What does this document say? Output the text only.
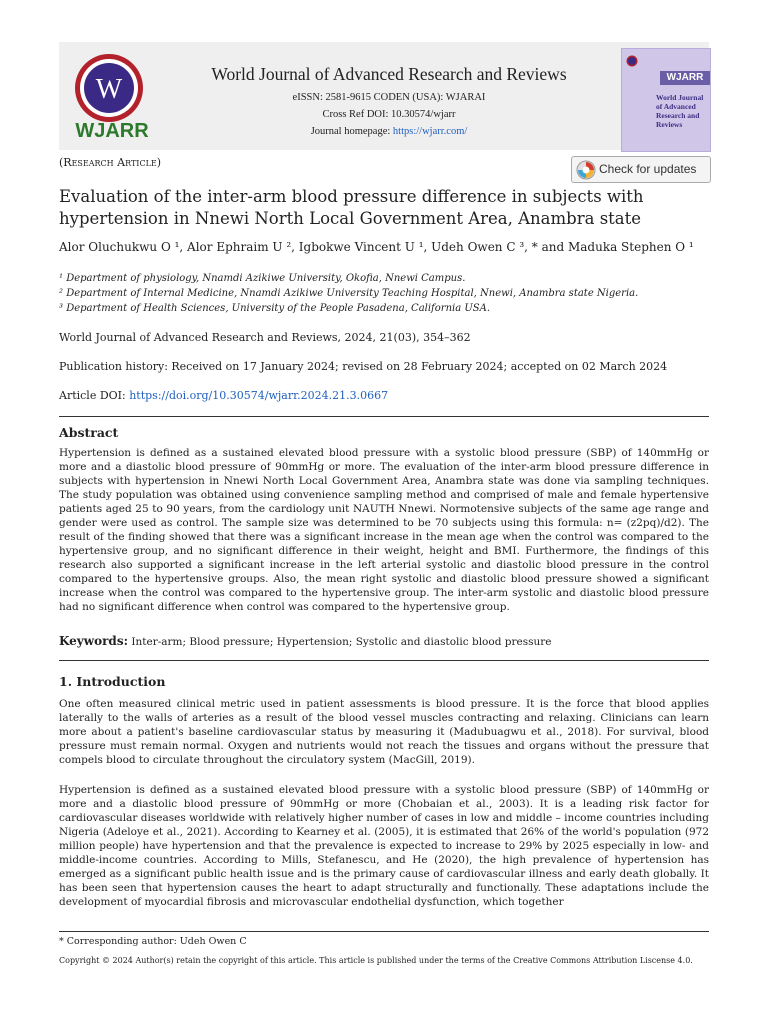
W
WJARR
World Journal of Advanced Research and Reviews
eISSN: 2581-9615 CODEN (USA): WJARAI
Cross Ref DOI: 10.30574/wjarr
Journal homepage: https://wjarr.com/
WJARR
World Journal of Advanced Research and Reviews
(Research Article)	Check for updates
Evaluation of the inter-arm blood pressure difference in subjects with hypertension in Nnewi North Local Government Area, Anambra state
Alor Oluchukwu O ¹, Alor Ephraim U ², Igbokwe Vincent U ¹, Udeh Owen C ³, * and Maduka Stephen O ¹
¹ Department of physiology, Nnamdi Azikiwe University, Okofia, Nnewi Campus.
² Department of Internal Medicine, Nnamdi Azikiwe University Teaching Hospital, Nnewi, Anambra state Nigeria.
³ Department of Health Sciences, University of the People Pasadena, California USA.
World Journal of Advanced Research and Reviews, 2024, 21(03), 354–362
Publication history: Received on 17 January 2024; revised on 28 February 2024; accepted on 02 March 2024
Article DOI: https://doi.org/10.30574/wjarr.2024.21.3.0667
Abstract

Hypertension is defined as a sustained elevated blood pressure with a systolic blood pressure (SBP) of 140mmHg or more and a diastolic blood pressure of 90mmHg or more. The evaluation of the inter-arm blood pressure difference in subjects with hypertension in Nnewi North Local Government Area, Anambra state was done via sampling techniques. The study population was obtained using convenience sampling method and comprised of male and female hypertensive patients aged 25 to 90 years, from the cardiology unit NAUTH Nnewi. Normotensive subjects of the same age range and gender were used as control. The sample size was determined to be 70 subjects using this formula: n= (z2pq)/d2). The result of the finding showed that there was a significant increase in the mean age when the control was compared to the hypertensive group, and no significant difference in their weight, height and BMI. Furthermore, the findings of this research also supported a significant increase in the left arterial systolic and diastolic blood pressure in the control compared to the hypertensive groups. Also, the mean right systolic and diastolic blood pressure showed a significant increase when the control was compared to the hypertensive group. The inter-arm systolic and diastolic blood pressure had no significant difference when control was compared to the hypertensive group.

Keywords: Inter-arm; Blood pressure; Hypertension; Systolic and diastolic blood pressure
1. Introduction

One often measured clinical metric used in patient assessments is blood pressure. It is the force that blood applies laterally to the walls of arteries as a result of the blood vessel muscles contracting and relaxing. Clinicians can learn more about a patient's baseline cardiovascular status by measuring it (Madubuagwu et al., 2018). For survival, blood pressure must remain normal. Oxygen and nutrients would not reach the tissues and organs without the pressure that compels blood to circulate throughout the circulatory system (MacGill, 2019).

Hypertension is defined as a sustained elevated blood pressure with a systolic blood pressure (SBP) of 140mmHg or more and a diastolic blood pressure of 90mmHg or more (Chobaian et al., 2003). It is a leading risk factor for cardiovascular diseases worldwide with relatively higher number of cases in low and middle – income countries including Nigeria (Adeloye et al., 2021). According to Kearney et al. (2005), it is estimated that 26% of the world's population (972 million people) have hypertension and that the prevalence is expected to increase to 29% by 2025 especially in low- and middle-income countries. According to Mills, Stefanescu, and He (2020), the high prevalence of hypertension has emerged as a significant public health issue and is the primary cause of cardiovascular illness and early death globally. It has been seen that hypertension causes the heart to adapt structurally and functionally. These adaptations include the development of myocardial fibrosis and microvascular endothelial dysfunction, which together

* Corresponding author: Udeh Owen C
Copyright © 2024 Author(s) retain the copyright of this article. This article is published under the terms of the Creative Commons Attribution Liscense 4.0.
